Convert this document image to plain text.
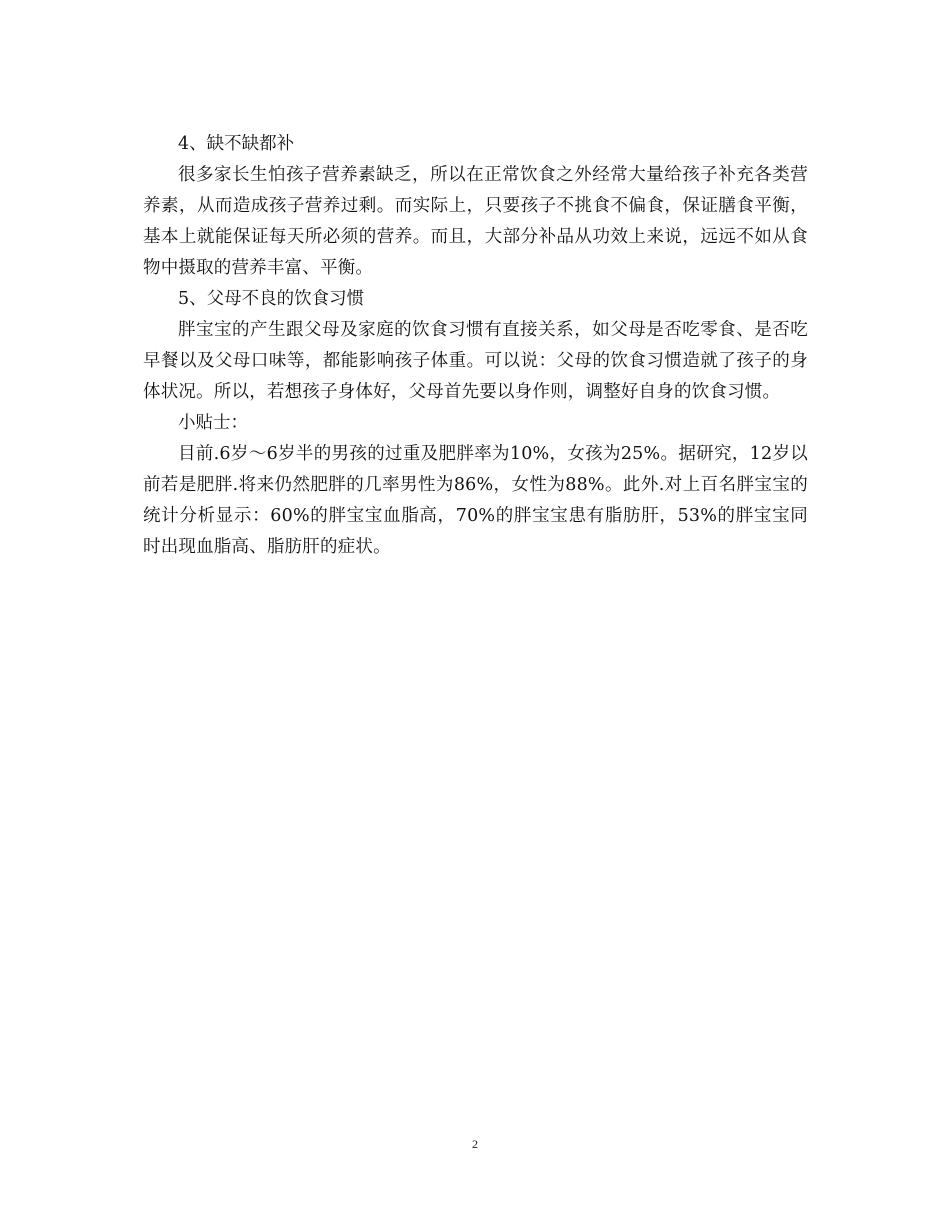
4、缺不缺都补

很多家长生怕孩子营养素缺乏，所以在正常饮食之外经常大量给孩子补充各类营养素，从而造成孩子营养过剩。而实际上，只要孩子不挑食不偏食，保证膳食平衡，基本上就能保证每天所必须的营养。而且，大部分补品从功效上来说，远远不如从食物中摄取的营养丰富、平衡。

5、父母不良的饮食习惯

胖宝宝的产生跟父母及家庭的饮食习惯有直接关系，如父母是否吃零食、是否吃早餐以及父母口味等，都能影响孩子体重。可以说：父母的饮食习惯造就了孩子的身体状况。所以，若想孩子身体好，父母首先要以身作则，调整好自身的饮食习惯。

小贴士：

目前.6岁～6岁半的男孩的过重及肥胖率为10%，女孩为25%。据研究，12岁以前若是肥胖.将来仍然肥胖的几率男性为86%，女性为88%。此外.对上百名胖宝宝的统计分析显示：60%的胖宝宝血脂高，70%的胖宝宝患有脂肪肝，53%的胖宝宝同时出现血脂高、脂肪肝的症状。

2
